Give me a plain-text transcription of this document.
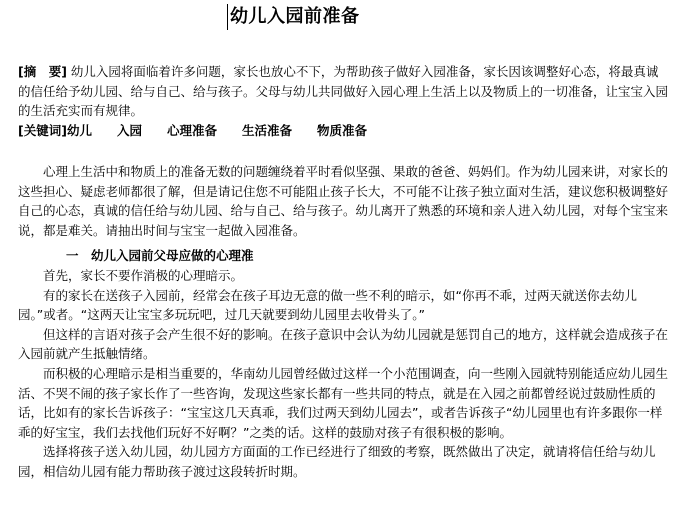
幼儿入园前准备
[摘　要] 幼儿入园将面临着许多问题，家长也放心不下，为帮助孩子做好入园准备，家长因该调整好心态，将最真诚的信任给予幼儿园、给与自己、给与孩子。父母与幼儿共同做好入园心理上生活上以及物质上的一切准备，让宝宝入园的生活充实而有规律。
[关键词]幼儿　　入园　　心理准备　　生活准备　　物质准备

心理上生活中和物质上的准备无数的问题缠绕着平时看似坚强、果敢的爸爸、妈妈们。作为幼儿园来讲，对家长的这些担心、疑虑老师都很了解，但是请记住您不可能阻止孩子长大，不可能不让孩子独立面对生活，建议您积极调整好自己的心态，真诚的信任给与幼儿园、给与自己、给与孩子。幼儿离开了熟悉的环境和亲人进入幼儿园，对每个宝宝来说，都是难关。请抽出时间与宝宝一起做入园准备。

一　幼儿入园前父母应做的心理准

首先，家长不要作消极的心理暗示。

有的家长在送孩子入园前，经常会在孩子耳边无意的做一些不利的暗示，如“你再不乖，过两天就送你去幼儿园。”或者。“这两天让宝宝多玩玩吧，过几天就要到幼儿园里去收骨头了。”

但这样的言语对孩子会产生很不好的影响。在孩子意识中会认为幼儿园就是惩罚自己的地方，这样就会造成孩子在入园前就产生抵触情绪。

而积极的心理暗示是相当重要的，华南幼儿园曾经做过这样一个小范围调查，向一些刚入园就特别能适应幼儿园生活、不哭不闹的孩子家长作了一些咨询，发现这些家长都有一些共同的特点，就是在入园之前都曾经说过鼓励性质的话，比如有的家长告诉孩子：“宝宝这几天真乖，我们过两天到幼儿园去”，或者告诉孩子“幼儿园里也有许多跟你一样乖的好宝宝，我们去找他们玩好不好啊？”之类的话。这样的鼓励对孩子有很积极的影响。

选择将孩子送入幼儿园，幼儿园方方面面的工作已经进行了细致的考察，既然做出了决定，就请将信任给与幼儿园，相信幼儿园有能力帮助孩子渡过这段转折时期。
